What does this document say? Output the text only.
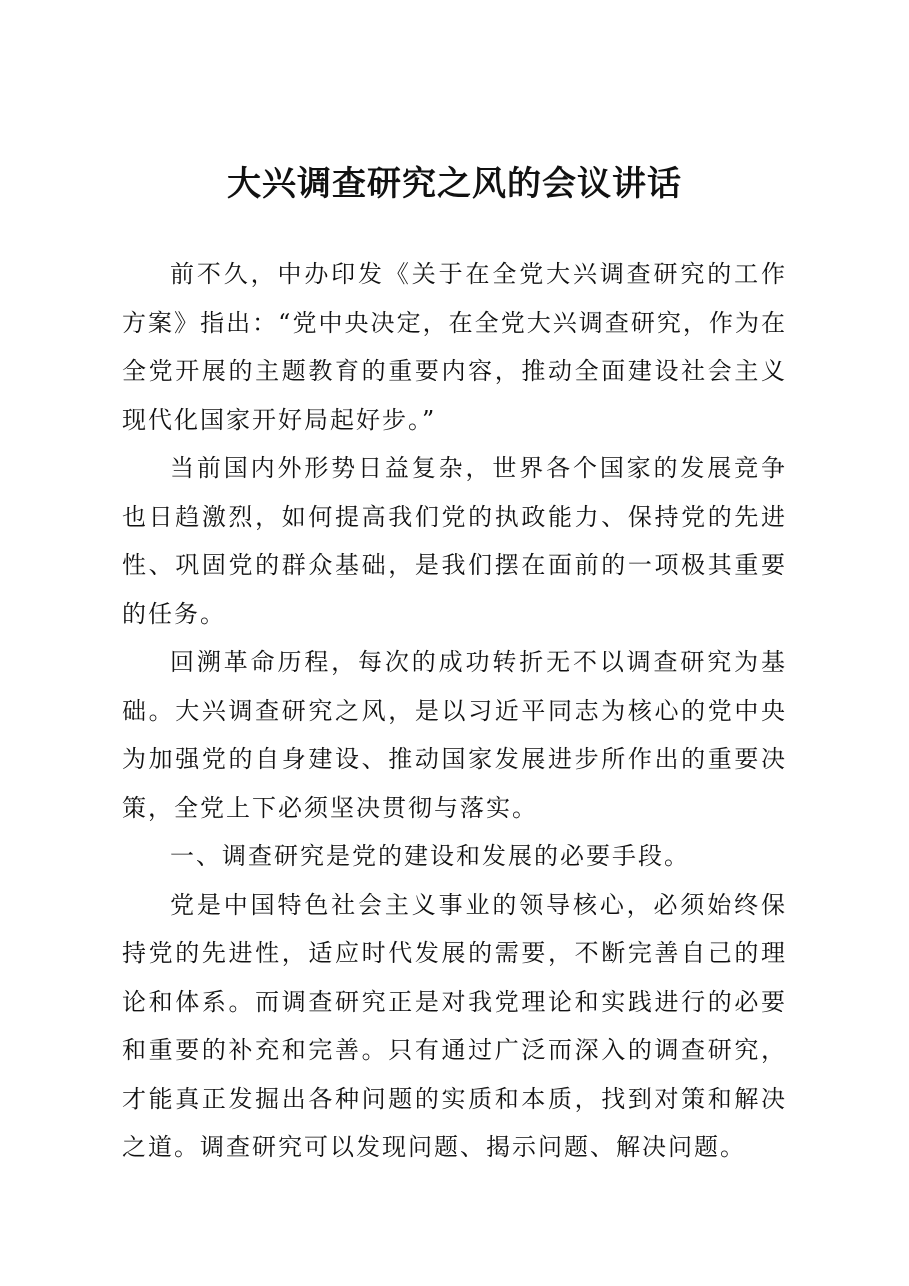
大兴调查研究之风的会议讲话

前不久，中办印发《关于在全党大兴调查研究的工作方案》指出：“党中央决定，在全党大兴调查研究，作为在全党开展的主题教育的重要内容，推动全面建设社会主义现代化国家开好局起好步。”

当前国内外形势日益复杂，世界各个国家的发展竞争也日趋激烈，如何提高我们党的执政能力、保持党的先进性、巩固党的群众基础，是我们摆在面前的一项极其重要的任务。

回溯革命历程，每次的成功转折无不以调查研究为基础。大兴调查研究之风，是以习近平同志为核心的党中央为加强党的自身建设、推动国家发展进步所作出的重要决策，全党上下必须坚决贯彻与落实。

一、调查研究是党的建设和发展的必要手段。

党是中国特色社会主义事业的领导核心，必须始终保持党的先进性，适应时代发展的需要，不断完善自己的理论和体系。而调查研究正是对我党理论和实践进行的必要和重要的补充和完善。只有通过广泛而深入的调查研究，才能真正发掘出各种问题的实质和本质，找到对策和解决之道。调查研究可以发现问题、揭示问题、解决问题。
